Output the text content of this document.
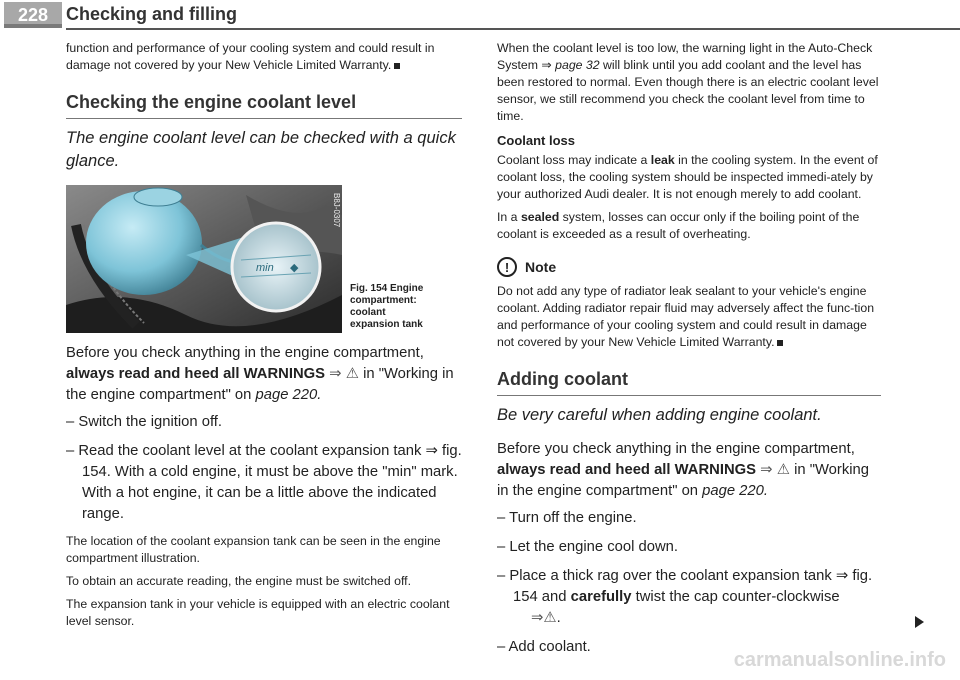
228 Checking and filling

function and performance of your cooling system and could result in damage not covered by your New Vehicle Limited Warranty.

Checking the engine coolant level
The engine coolant level can be checked with a quick glance.
min ◆
B8J-0307
Fig. 154 Engine
compartment: coolant
expansion tank

Before you check anything in the engine compartment, always read and heed all WARNINGS ⇒ ⚠ in "Working in the engine compartment" on page 220.

– Switch the ignition off.
– Read the coolant level at the coolant expansion tank ⇒ fig. 154. With a cold engine, it must be above the "min" mark. With a hot engine, it can be a little above the indicated range.

The location of the coolant expansion tank can be seen in the engine compartment illustration.

To obtain an accurate reading, the engine must be switched off.

The expansion tank in your vehicle is equipped with an electric coolant level sensor.

When the coolant level is too low, the warning light in the Auto-Check System ⇒ page 32 will blink until you add coolant and the level has been restored to normal. Even though there is an electric coolant level sensor, we still recommend you check the coolant level from time to time.

Coolant loss

Coolant loss may indicate a leak in the cooling system. In the event of coolant loss, the cooling system should be inspected immedi-ately by your authorized Audi dealer. It is not enough merely to add coolant.

In a sealed system, losses can occur only if the boiling point of the coolant is exceeded as a result of overheating.

!	Note

Do not add any type of radiator leak sealant to your vehicle's engine coolant. Adding radiator repair fluid may adversely affect the func-tion and performance of your cooling system and could result in damage not covered by your New Vehicle Limited Warranty.

Adding coolant
Be very careful when adding engine coolant.

Before you check anything in the engine compartment, always read and heed all WARNINGS ⇒ ⚠ in "Working in the engine compartment" on page 220.

– Turn off the engine.
– Let the engine cool down.
– Place a thick rag over the coolant expansion tank ⇒ fig. 154 and carefully twist the cap counter-clockwise
⇒⚠.
– Add coolant.
carmanualsonline.info
